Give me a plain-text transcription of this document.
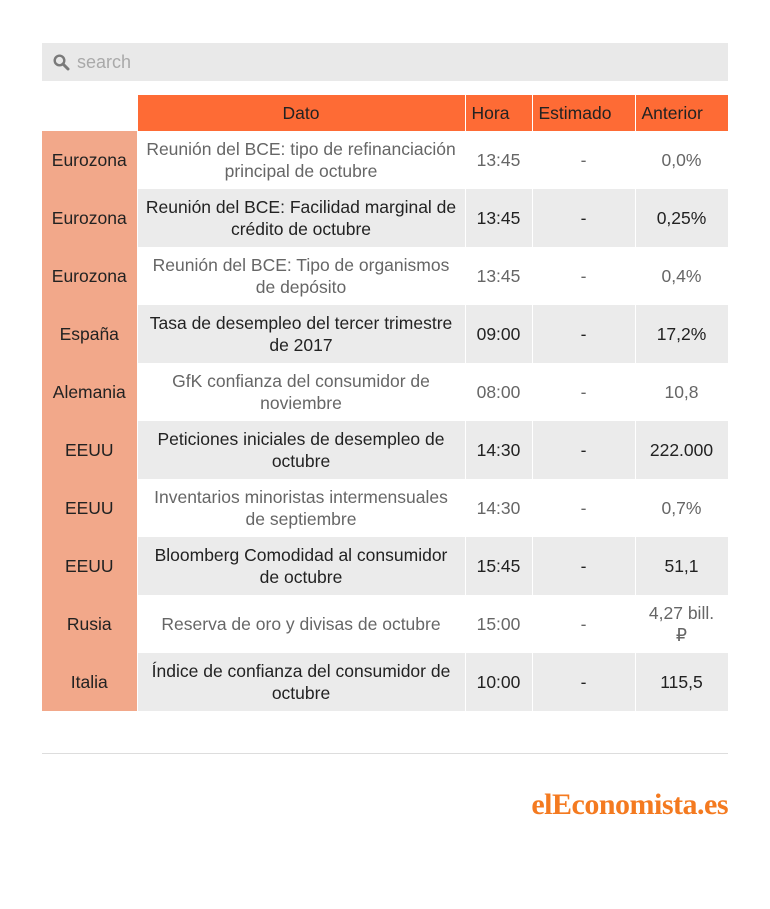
search
	Dato	Hora	Estimado	Anterior
Eurozona	Reunión del BCE: tipo de refinanciación principal de octubre	13:45	-	0,0%
Eurozona	Reunión del BCE: Facilidad marginal de crédito de octubre	13:45	-	0,25%
Eurozona	Reunión del BCE: Tipo de organismos de depósito	13:45	-	0,4%
España	Tasa de desempleo del tercer trimestre de 2017	09:00	-	17,2%
Alemania	GfK confianza del consumidor de noviembre	08:00	-	10,8
EEUU	Peticiones iniciales de desempleo de octubre	14:30	-	222.000
EEUU	Inventarios minoristas intermensuales de septiembre	14:30	-	0,7%
EEUU	Bloomberg Comodidad al consumidor de octubre	15:45	-	51,1
Rusia	Reserva de oro y divisas de octubre	15:00	-	4,27 bill. ₽
Italia	Índice de confianza del consumidor de octubre	10:00	-	115,5
elEconomista.es
